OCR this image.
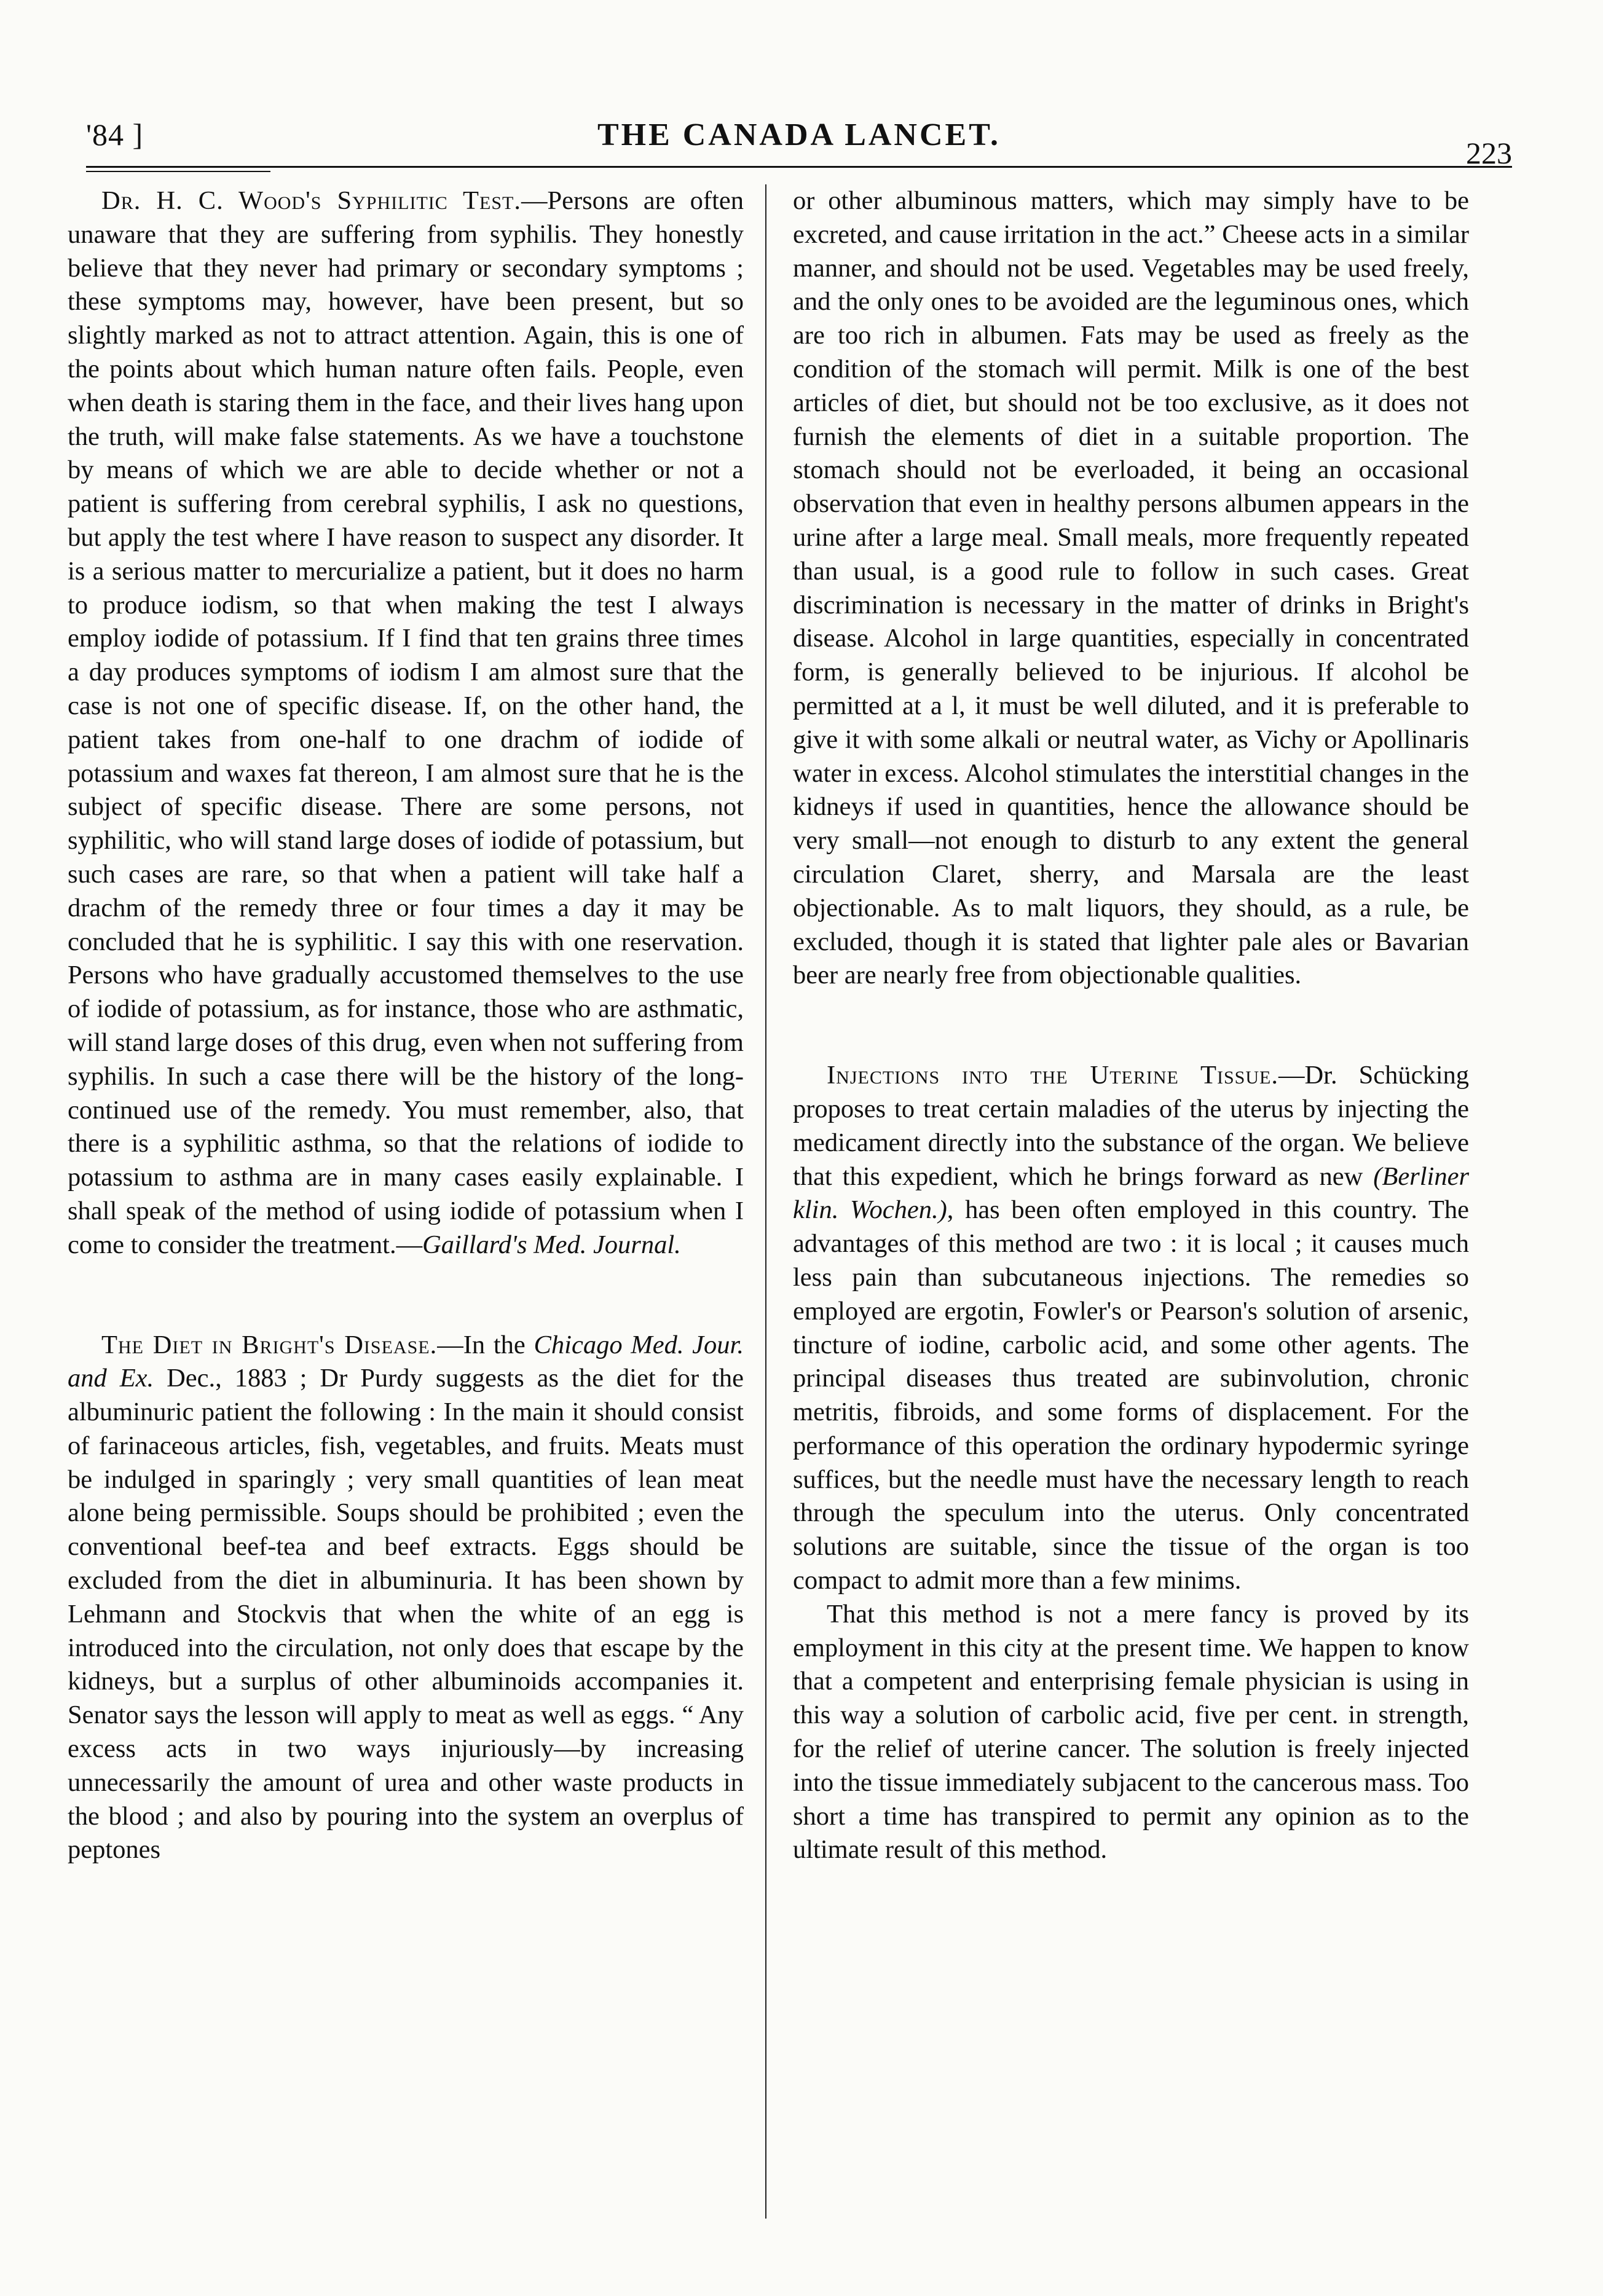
'84 ]	THE CANADA LANCET.
223

Dr. H. C. Wood's Syphilitic Test.—Persons are often unaware that they are suffering from syphilis. They honestly believe that they never had primary or secondary symptoms ; these symptoms may, however, have been present, but so slightly marked as not to attract attention. Again, this is one of the points about which human nature often fails. People, even when death is staring them in the face, and their lives hang upon the truth, will make false statements. As we have a touchstone by means of which we are able to decide whether or not a patient is suffering from cerebral syphilis, I ask no questions, but apply the test where I have reason to suspect any disorder. It is a serious matter to mercurialize a patient, but it does no harm to produce iodism, so that when making the test I always employ iodide of potassium. If I find that ten grains three times a day produces symptoms of iodism I am almost sure that the case is not one of specific disease. If, on the other hand, the patient takes from one-half to one drachm of iodide of potassium and waxes fat thereon, I am almost sure that he is the subject of specific disease. There are some persons, not syphilitic, who will stand large doses of iodide of potassium, but such cases are rare, so that when a patient will take half a drachm of the remedy three or four times a day it may be concluded that he is syphilitic. I say this with one reservation. Persons who have gradually accustomed themselves to the use of iodide of potassium, as for instance, those who are asthmatic, will stand large doses of this drug, even when not suffering from syphilis. In such a case there will be the history of the long-continued use of the remedy. You must remember, also, that there is a syphilitic asthma, so that the relations of iodide to potassium to asthma are in many cases easily explainable. I shall speak of the method of using iodide of potassium when I come to consider the treatment.—Gaillard's Med. Journal.

The Diet in Bright's Disease.—In the Chicago Med. Jour. and Ex. Dec., 1883 ; Dr Purdy suggests as the diet for the albuminuric patient the following : In the main it should consist of farinaceous articles, fish, vegetables, and fruits. Meats must be indulged in sparingly ; very small quantities of lean meat alone being permissible. Soups should be prohibited ; even the conventional beef-tea and beef extracts. Eggs should be excluded from the diet in albuminuria. It has been shown by Lehmann and Stockvis that when the white of an egg is introduced into the circulation, not only does that escape by the kidneys, but a surplus of other albuminoids accompanies it. Senator says the lesson will apply to meat as well as eggs. “ Any excess acts in two ways injuriously—by increasing unnecessarily the amount of urea and other waste products in the blood ; and also by pouring into the system an overplus of peptones

or other albuminous matters, which may simply have to be excreted, and cause irritation in the act.” Cheese acts in a similar manner, and should not be used. Vegetables may be used freely, and the only ones to be avoided are the leguminous ones, which are too rich in albumen. Fats may be used as freely as the condition of the stomach will permit. Milk is one of the best articles of diet, but should not be too exclusive, as it does not furnish the elements of diet in a suitable proportion. The stomach should not be everloaded, it being an occasional observation that even in healthy persons albumen appears in the urine after a large meal. Small meals, more frequently repeated than usual, is a good rule to follow in such cases. Great discrimination is necessary in the matter of drinks in Bright's disease. Alcohol in large quantities, especially in concentrated form, is generally believed to be injurious. If alcohol be permitted at a l, it must be well diluted, and it is preferable to give it with some alkali or neutral water, as Vichy or Apollinaris water in excess. Alcohol stimulates the interstitial changes in the kidneys if used in quantities, hence the allowance should be very small—not enough to disturb to any extent the general circulation Claret, sherry, and Marsala are the least objectionable. As to malt liquors, they should, as a rule, be excluded, though it is stated that lighter pale ales or Bavarian beer are nearly free from objectionable qualities.

Injections into the Uterine Tissue.—Dr. Schücking proposes to treat certain maladies of the uterus by injecting the medicament directly into the substance of the organ. We believe that this expedient, which he brings forward as new (Berliner klin. Wochen.), has been often employed in this country. The advantages of this method are two : it is local ; it causes much less pain than subcutaneous injections. The remedies so employed are ergotin, Fowler's or Pearson's solution of arsenic, tincture of iodine, carbolic acid, and some other agents. The principal diseases thus treated are subinvolution, chronic metritis, fibroids, and some forms of displacement. For the performance of this operation the ordinary hypodermic syringe suffices, but the needle must have the necessary length to reach through the speculum into the uterus. Only concentrated solutions are suitable, since the tissue of the organ is too compact to admit more than a few minims.

That this method is not a mere fancy is proved by its employment in this city at the present time. We happen to know that a competent and enterprising female physician is using in this way a solution of carbolic acid, five per cent. in strength, for the relief of uterine cancer. The solution is freely injected into the tissue immediately subjacent to the cancerous mass. Too short a time has transpired to permit any opinion as to the ultimate result of this method.
